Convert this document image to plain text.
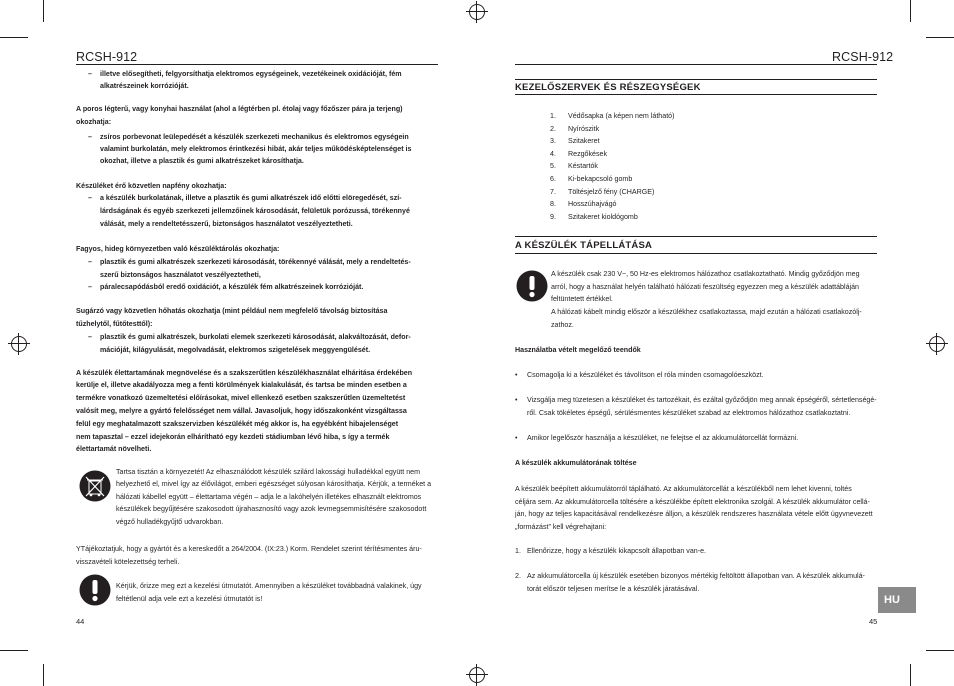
RCSH-912
– illetve elősegítheti, felgyorsíthatja elektromos egységeinek, vezetékeinek oxidációját, fém
alkatrészeinek korrózióját.
A poros légterű, vagy konyhai használat (ahol a légtérben pl. étolaj vagy főzőszer pára ja terjeng)
okozhatja:
– zsíros porbevonat leülepedését a készülék szerkezeti mechanikus és elektromos egységein
valamint burkolatán, mely elektromos érintkezési hibát, akár teljes működésképtelenséget is
okozhat, illetve a plasztik és gumi alkatrészeket károsíthatja.
Készüléket érő közvetlen napfény okozhatja:
– a készülék burkolatának, illetve a plasztik és gumi alkatrészek idő előtti elöregedését, szí-
lárdságának és egyéb szerkezeti jellemzőinek károsodását, felületük porózussá, törékennyé
válását, mely a rendeltetésszerű, biztonságos használatot veszélyeztetheti.
Fagyos, hideg környezetben való készüléktárolás okozhatja:
– plasztik és gumi alkatrészek szerkezeti károsodását, törékennyé válását, mely a rendeltetés-
szerű biztonságos használatot veszélyeztetheti,
– páralecsapódásból eredő oxidációt, a készülék fém alkatrészeinek korrózióját.
Sugárzó vagy közvetlen hőhatás okozhatja (mint például nem megfelelő távolság biztosítása
tűzhelytől, fűtőtesttől):
– plasztik és gumi alkatrészek, burkolati elemek szerkezeti károsodását, alakváltozását, defor-
mációját, kilágyulását, megolvadását, elektromos szigetelések meggyengülését.
A készülék élettartamának megnövelése és a szakszerűtlen készülékhasználat elháritása érdekében
kerülje el, illetve akadályozza meg a fenti körülmények kialakulását, és tartsa be minden esetben a
termékre vonatkozó üzemeltetési előírásokat, mivel ellenkező esetben szakszerűtlen üzemeltetést
valósít meg, melyre a gyártó felelősséget nem vállal. Javasoljuk, hogy időszakonként vizsgáltassa
felül egy meghatalmazott szakszervizben készülékét még akkor is, ha egyébként hibajelenséget
nem tapasztal – ezzel idejekorán elhárítható egy kezdeti stádiumban lévő hiba, s így a termék
élettartamát növelheti.
Tartsa tisztán a környezetét! Az elhasználódott készülék szilárd lakossági hulladékkal együtt nem
helyezhető el, mivel így az élővilágot, emberi egészséget súlyosan károsíthatja. Kérjük, a terméket a
hálózati kábellel együtt – élettartama végén – adja le a lakóhelyén illetékes elhasznált elektromos
készülékek begyűjtésére szakosodott újrahasznosító vagy azok levmegsemmisítésére szakosodott
végző hulladékgyűjtő udvarokban.
YTájékoztatjuk, hogy a gyártót és a kereskedőt a 264/2004. (IX:23.) Korm. Rendelet szerint térítésmentes áru-
visszavételi kötelezettség terheli.
Kérjük, őrizze meg ezt a kezelési útmutatót. Amennyiben a készüléket továbbadná valakinek, úgy
feltétlenül adja vele ezt a kezelési útmutatót is!
44
RCSH-912
KEZELŐSZERVEK ÉS RÉSZEGYSÉGEK
1. Védősapka (a képen nem látható)
2. Nyírószitk
3. Szitakeret
4. Rezgőkések
5. Késtartók
6. Ki-bekapcsoló gomb
7. Töltésjelző fény (CHARGE)
8. Hosszúhajvágó
9. Szitakeret kioldógomb
A KÉSZÜLÉK TÁPELLÁTÁSA
A készülék csak 230 V~, 50 Hz-es elektromos hálózathoz csatlakoztatható. Mindig győződjön meg
arról, hogy a használat helyén található hálózati feszültség egyezzen meg a készülék adattábláján
feltüntetett értékkel.
A hálózati kábelt mindig először a készülékhez csatlakoztassa, majd ezután a hálózati csatlakozólj-
zathoz.
Használatba vételt megelőző teendők
• Csomagolja ki a készüléket és távolítson el róla minden csomagolóeszközt.
• Vizsgálja meg tüzetesen a készüléket és tartozékait, és ezáltal győződjön meg annak épségéről, sértetlenségé-
ről. Csak tökéletes épségű, sérülésmentes készüléket szabad az elektromos hálózathoz csatlakoztatni.
• Amikor legelőször használja a készüléket, ne felejtse el az akkumulátorcellát formázni.
A készülék akkumulátorának töltése
A készülék beépített akkumulátorról táplálható. Az akkumulátorcellát a készülékből nem lehet kivenni, toltés
céljára sem. Az akkumulátorcella töltésére a készülékbe épített elektronika szolgál. A készülék akkumulátor cellá-
ján, hogy az teljes kapacitásával rendelkezésre álljon, a készülék rendszeres használata vétele előtt úgyvnevezett
„formázást” kell végrehajtani:
1. Ellenőrizze, hogy a készülék kikapcsolt állapotban van-e.
2. Az akkumulátorcella új készülék esetében bizonyos mértékig feltöltött állapotban van. A készülék akkumulá-
torát először teljesen merítse le a készülék járatásával.
HU
45
